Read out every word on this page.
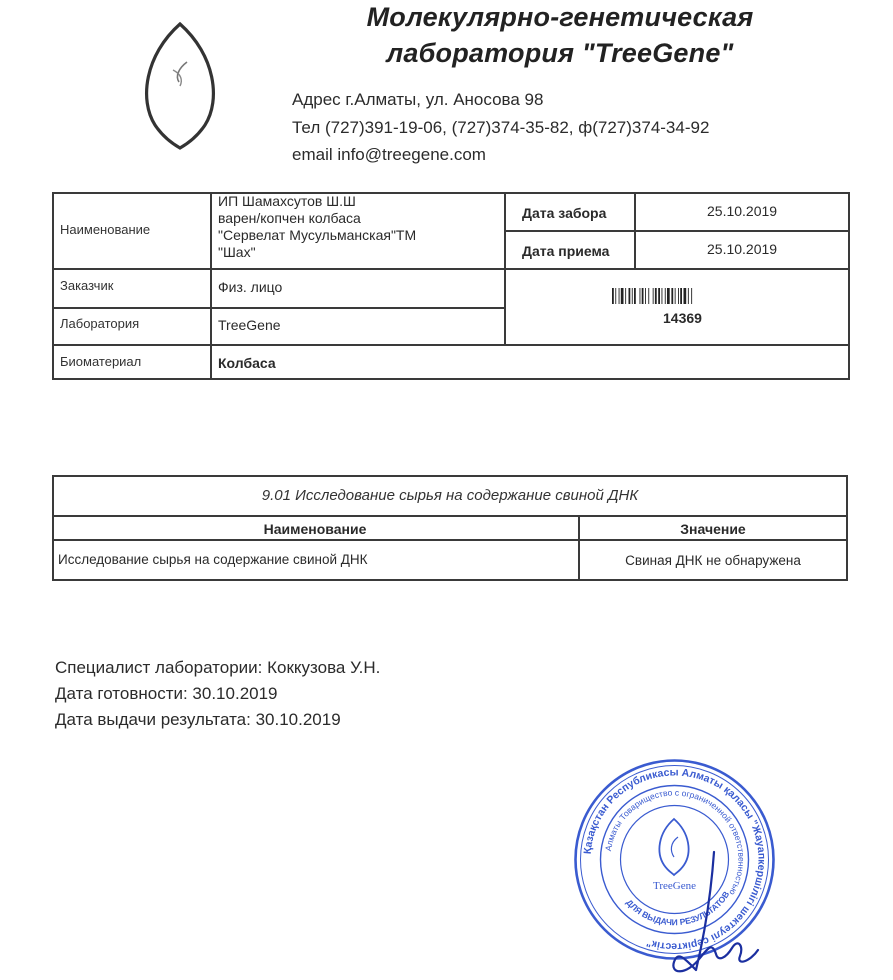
Молекулярно-генетическая
лаборатория "TreeGene"
Адрес г.Алматы, ул. Аносова 98
Тел (727)391-19-06, (727)374-35-82, ф(727)374-34-92
email info@treegene.com
Наименование
ИП Шамахсутов Ш.Ш
варен/копчен колбаса
"Сервелат Мусульманская"ТМ
"Шах"
Дата забора	25.10.2019
Дата приема	25.10.2019
Заказчик	Физ. лицо
Лаборатория	TreeGene
Биоматериал	Колбаса
14369
9.01 Исследование сырья на содержание свиной ДНК
Наименование	Значение
Исследование сырья на содержание свиной ДНК	Свиная ДНК не обнаружена
Специалист лаборатории: Коккузова У.Н.
Дата готовности: 30.10.2019
Дата выдачи результата: 30.10.2019
Қазақстан Республикасы Алматы қаласы "Жауапкершілігі шектеулі серіктестік"
Алматы Товарищество с ограниченной ответственностью
ДЛЯ ВЫДАЧИ РЕЗУЛЬТАТОВ
TreeGene
